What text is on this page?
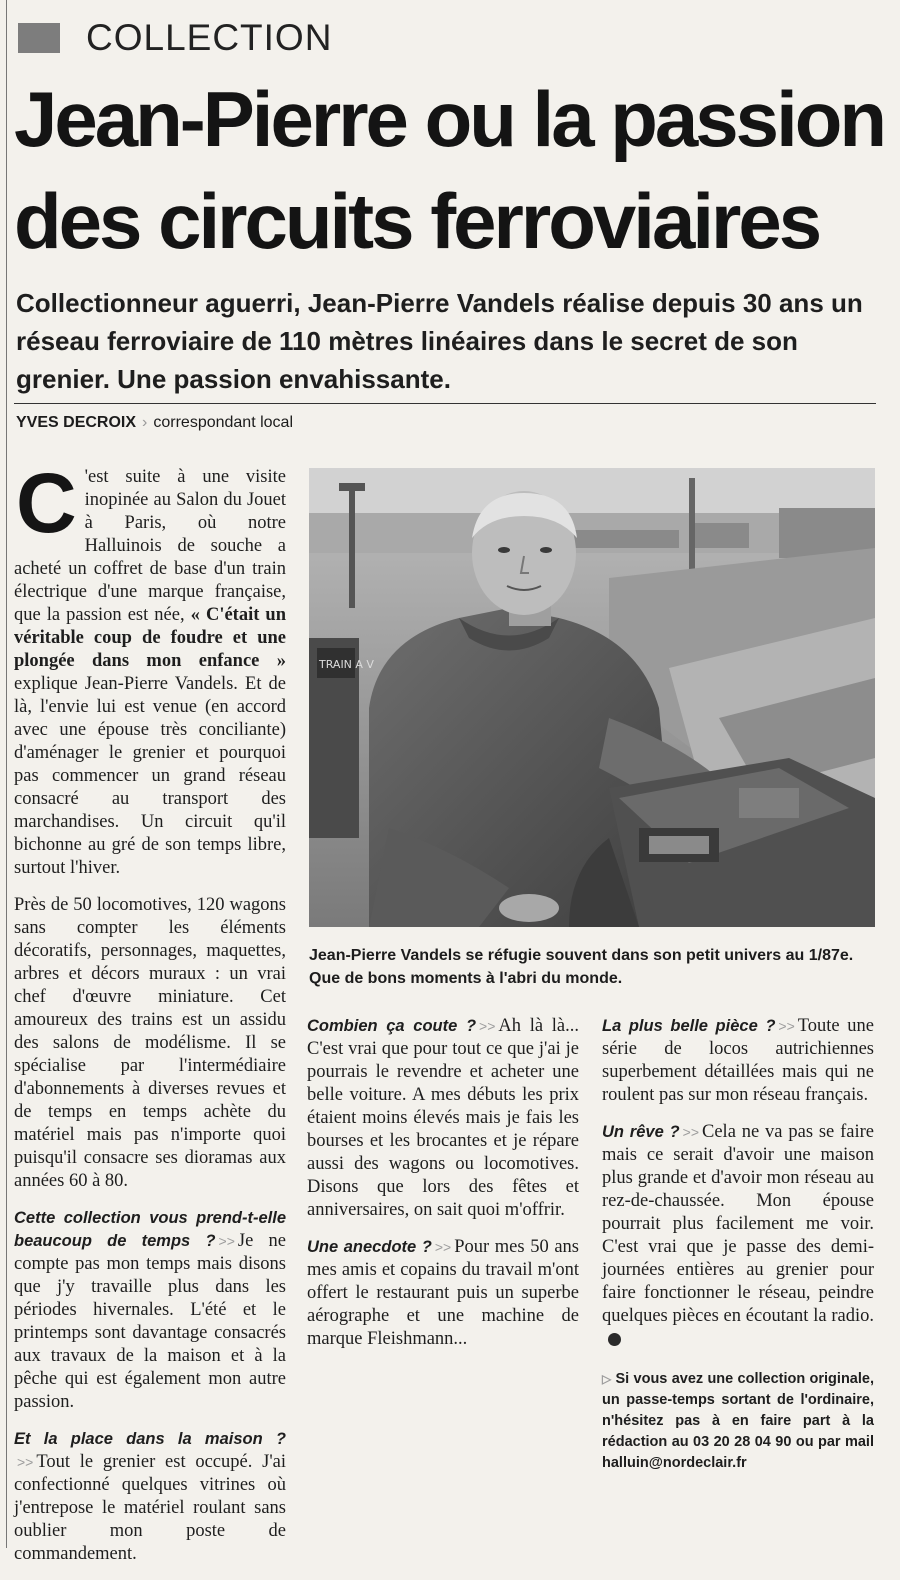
COLLECTION
Jean-Pierre ou la passion
des circuits ferroviaires

Collectionneur aguerri, Jean-Pierre Vandels réalise depuis 30 ans un réseau ferroviaire de 110 mètres linéaires dans le secret de son grenier. Une passion envahissante.

YVES DECROIX › correspondant local

C 'est suite à une visite inopinée au Salon du Jouet à Paris, où notre Halluinois de souche a acheté un coffret de base d'un train électrique d'une marque française, que la passion est née, « C'était un véritable coup de foudre et une plongée dans mon enfance » explique Jean-Pierre Vandels. Et de là, l'envie lui est venue (en accord avec une épouse très conciliante) d'aménager le grenier et pourquoi pas commencer un grand réseau consacré au transport des marchandises. Un circuit qu'il bichonne au gré de son temps libre, surtout l'hiver.

Près de 50 locomotives, 120 wagons sans compter les éléments décoratifs, personnages, maquettes, arbres et décors muraux : un vrai chef d'œuvre miniature. Cet amoureux des trains est un assidu des salons de modélisme. Il se spécialise par l'intermédiaire d'abonnements à diverses revues et de temps en temps achète du matériel mais pas n'importe quoi puisqu'il consacre ses dioramas aux années 60 à 80.

Cette collection vous prend-t-elle beaucoup de temps ? >> Je ne compte pas mon temps mais disons que j'y travaille plus dans les périodes hivernales. L'été et le printemps sont davantage consacrés aux travaux de la maison et à la pêche qui est également mon autre passion.

Et la place dans la maison ?>> Tout le grenier est occupé. J'ai confectionné quelques vitrines où j'entrepose le matériel roulant sans oublier mon poste de commandement.

TRAIN A V

Jean-Pierre Vandels se réfugie souvent dans son petit univers au 1/87e. Que de bons moments à l'abri du monde.

Combien ça coute ? >> Ah là là... C'est vrai que pour tout ce que j'ai je pourrais le revendre et acheter une belle voiture. A mes débuts les prix étaient moins élevés mais je fais les bourses et les brocantes et je répare aussi des wagons ou locomotives. Disons que lors des fêtes et anniversaires, on sait quoi m'offrir.

Une anecdote ? >> Pour mes 50 ans mes amis et copains du travail m'ont offert le restaurant puis un superbe aérographe et une machine de marque Fleishmann...

La plus belle pièce ? >> Toute une série de locos autrichiennes superbement détaillées mais qui ne roulent pas sur mon réseau français.

Un rêve ? >> Cela ne va pas se faire mais ce serait d'avoir une maison plus grande et d'avoir mon réseau au rez-de-chaussée. Mon épouse pourrait plus facilement me voir. C'est vrai que je passe des demi-journées entières au grenier pour faire fonctionner le réseau, peindre quelques pièces en écoutant la radio.

▷ Si vous avez une collection originale, un passe-temps sortant de l'ordinaire, n'hésitez pas à en faire part à la rédaction au 03 20 28 04 90 ou par mail halluin@nordeclair.fr
